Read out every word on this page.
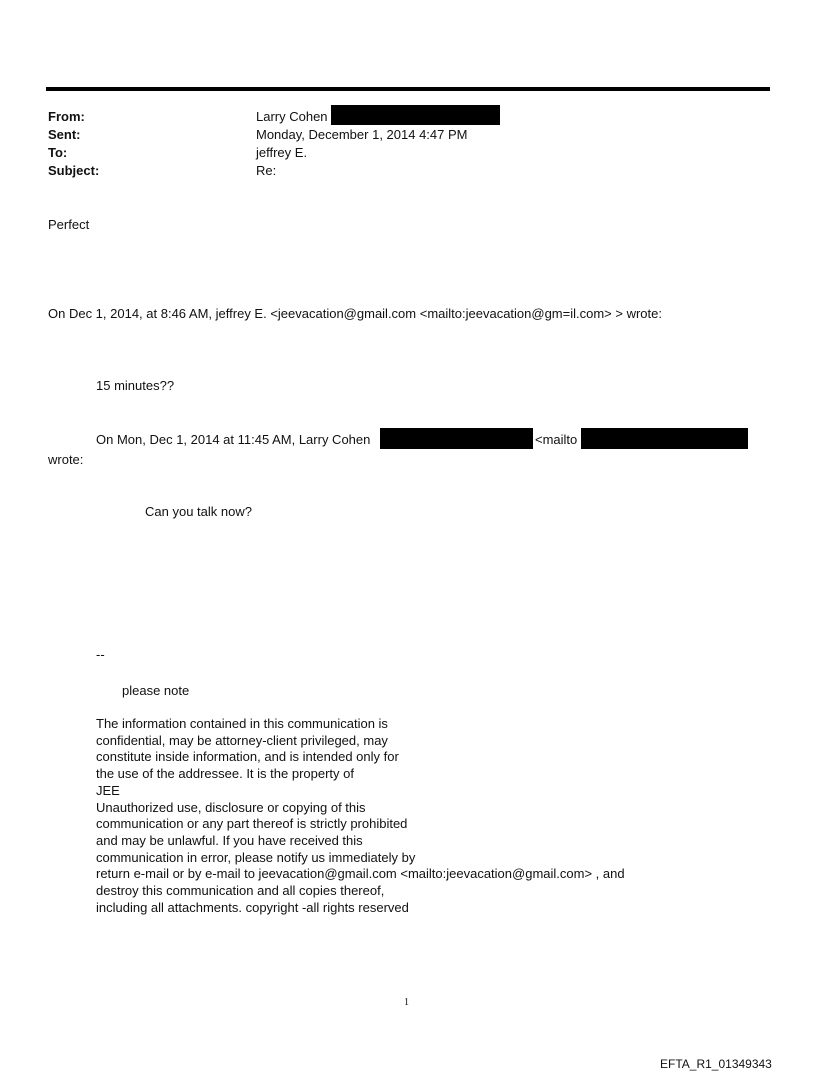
From:	Larry Cohen
Sent:	Monday, December 1, 2014 4:47 PM
To:	jeffrey E.
Subject:	Re:
Perfect
On Dec 1, 2014, at 8:46 AM, jeffrey E. <jeevacation@gmail.com <mailto:jeevacation@gm=il.com> > wrote:
15 minutes??
On Mon, Dec 1, 2014 at 11:45 AM, Larry Cohen	<mailto
wrote:
Can you talk now?
--
please note
The information contained in this communication is
confidential, may be attorney-client privileged, may
constitute inside information, and is intended only for
the use of the addressee. It is the property of
JEE
Unauthorized use, disclosure or copying of this
communication or any part thereof is strictly prohibited
and may be unlawful. If you have received this
communication in error, please notify us immediately by
return e-mail or by e-mail to jeevacation@gmail.com <mailto:jeevacation@gmail.com> , and
destroy this communication and all copies thereof,
including all attachments. copyright -all rights reserved
1
EFTA_R1_01349343
